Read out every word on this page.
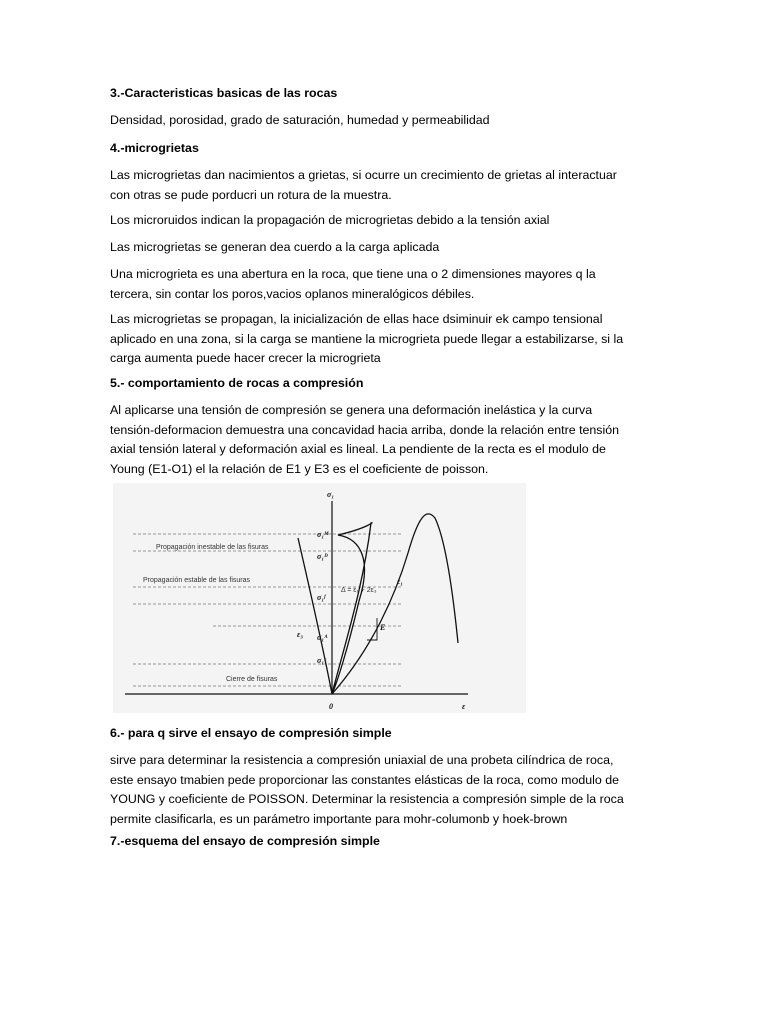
3.-Caracteristicas basicas de las rocas

Densidad, porosidad, grado de saturación, humedad y permeabilidad

4.-microgrietas

Las microgrietas dan nacimientos a grietas, si ocurre un crecimiento de grietas al interactuar
con otras se pude porducri un rotura de la muestra.

Los microruidos indican la propagación de microgrietas debido a la tensión axial

Las microgrietas se generan dea cuerdo a la carga aplicada

Una microgrieta es una abertura en la roca, que tiene una o 2 dimensiones mayores q la
tercera, sin contar los poros,vacios oplanos mineralógicos débiles.

Las microgrietas se propagan, la inicialización de ellas hace dsiminuir ek campo tensional
aplicado en una zona, si la carga se mantiene la microgrieta puede llegar a estabilizarse, si la
carga aumenta puede hacer crecer la microgrieta

5.- comportamiento de rocas a compresión

Al aplicarse una tensión de compresión se genera una deformación inelástica y la curva
tensión-deformacion demuestra una concavidad hacia arriba, donde la relación entre tensión
axial tensión lateral y deformación axial es lineal. La pendiente de la recta es el modulo de
Young (E1-O1) el la relación de E1 y E3 es el coeficiente de poisson.

Propagación inestable de las fisuras
Propagación estable de las fisuras
Cierre de fisuras
σ₁
ε
0
σ₁ᴹ
σ₁ᴰ
σ₁ᶠ
σ₁ᴬ
σ₁ᶜ
Δ = ε₁ + 2ε₃
ε₁
ε₃
E

6.- para q sirve el ensayo de compresión simple

sirve para determinar la resistencia a compresión uniaxial de una probeta cilíndrica de roca,
este ensayo tmabien pede proporcionar las constantes elásticas de la roca, como modulo de
YOUNG y coeficiente de POISSON. Determinar la resistencia a compresión simple de la roca
permite clasificarla, es un parámetro importante para mohr-columonb y hoek-brown

7.-esquema del ensayo de compresión simple
